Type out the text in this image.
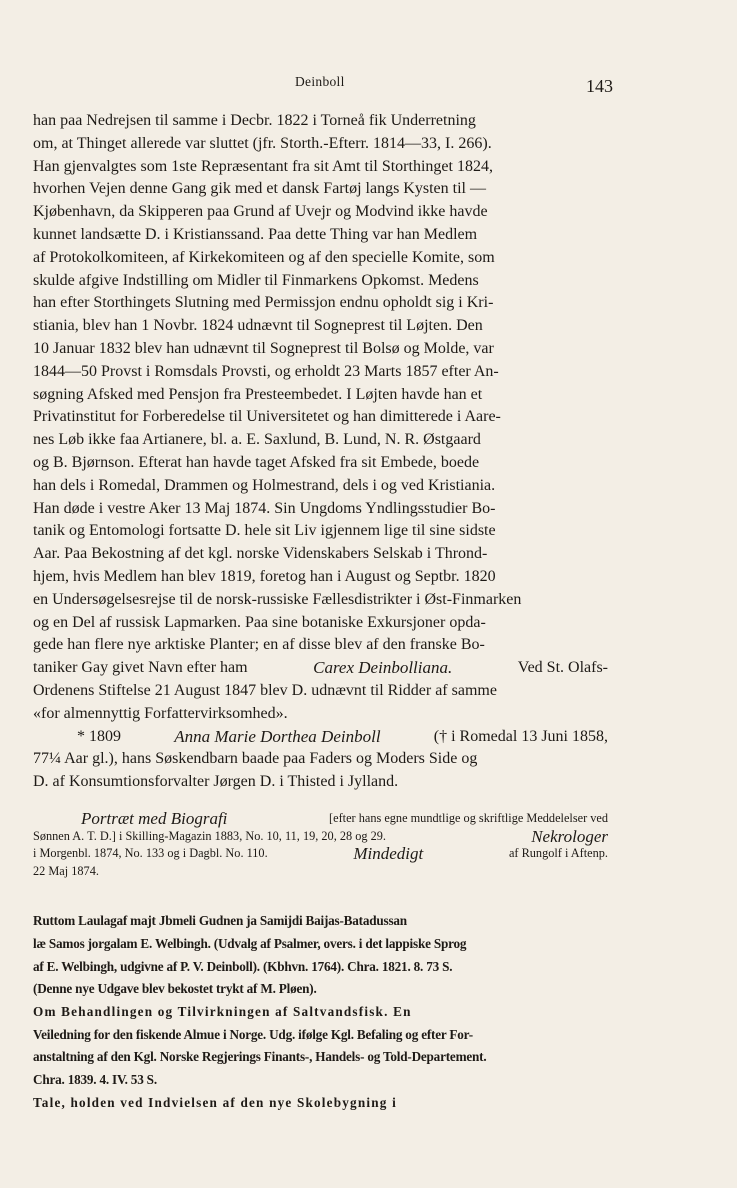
Deinboll	143
han paa Nedrejsen til samme i Decbr. 1822 i Torneå fik Underretning
om, at Thinget allerede var sluttet (jfr. Storth.-Efterr. 1814—33, I. 266).
Han gjenvalgtes som 1ste Repræsentant fra sit Amt til Storthinget 1824,
hvorhen Vejen denne Gang gik med et dansk Fartøj langs Kysten til —
Kjøbenhavn, da Skipperen paa Grund af Uvejr og Modvind ikke havde
kunnet landsætte D. i Kristianssand. Paa dette Thing var han Medlem
af Protokolkomiteen, af Kirkekomiteen og af den specielle Komite, som
skulde afgive Indstilling om Midler til Finmarkens Opkomst. Medens
han efter Storthingets Slutning med Permissjon endnu opholdt sig i Kri-
stiania, blev han 1 Novbr. 1824 udnævnt til Sogneprest til Løjten. Den
10 Januar 1832 blev han udnævnt til Sogneprest til Bolsø og Molde, var
1844—50 Provst i Romsdals Provsti, og erholdt 23 Marts 1857 efter An-
søgning Afsked med Pensjon fra Presteembedet. I Løjten havde han et
Privatinstitut for Forberedelse til Universitetet og han dimitterede i Aare-
nes Løb ikke faa Artianere, bl. a. E. Saxlund, B. Lund, N. R. Østgaard
og B. Bjørnson. Efterat han havde taget Afsked fra sit Embede, boede
han dels i Romedal, Drammen og Holmestrand, dels i og ved Kristiania.
Han døde i vestre Aker 13 Maj 1874. Sin Ungdoms Yndlingsstudier Bo-
tanik og Entomologi fortsatte D. hele sit Liv igjennem lige til sine sidste
Aar. Paa Bekostning af det kgl. norske Videnskabers Selskab i Thrond-
hjem, hvis Medlem han blev 1819, foretog han i August og Septbr. 1820
en Undersøgelsesrejse til de norsk-russiske Fællesdistrikter i Øst-Finmarken
og en Del af russisk Lapmarken. Paa sine botaniske Exkursjoner opda-
gede han flere nye arktiske Planter; en af disse blev af den franske Bo-
taniker Gay givet Navn efter ham	Carex Deinbolliana.	Ved St. Olafs-
Ordenens Stiftelse 21 August 1847 blev D. udnævnt til Ridder af samme
«for almennyttig Forfattervirksomhed».
* 1809	Anna Marie Dorthea Deinboll	(† i Romedal 13 Juni 1858,
77¼ Aar gl.), hans Søskendbarn baade paa Faders og Moders Side og
D. af Konsumtionsforvalter Jørgen D. i Thisted i Jylland.
Portræt med Biografi	[efter hans egne mundtlige og skriftlige Meddelelser ved
Sønnen A. T. D.] i Skilling-Magazin 1883, No. 10, 11, 19, 20, 28 og 29.	Nekrologer
i Morgenbl. 1874, No. 133 og i Dagbl. No. 110.	Mindedigt	af Rungolf i Aftenp.
22 Maj 1874.
Ruttom Laulagaf majt Jbmeli Gudnen ja Samijdi Baijas-Batadussan
læ Samos jorgalam E. Welbingh. (Udvalg af Psalmer, overs. i det lappiske Sprog
af E. Welbingh, udgivne af P. V. Deinboll). (Kbhvn. 1764). Chra. 1821. 8. 73 S.
(Denne nye Udgave blev bekostet trykt af M. Pløen).
Om Behandlingen og Tilvirkningen af Saltvandsfisk. En
Veiledning for den fiskende Almue i Norge. Udg. ifølge Kgl. Befaling og efter For-
anstaltning af den Kgl. Norske Regjerings Finants-, Handels- og Told-Departement.
Chra. 1839. 4. IV. 53 S.
Tale, holden ved Indvielsen af den nye Skolebygning i
